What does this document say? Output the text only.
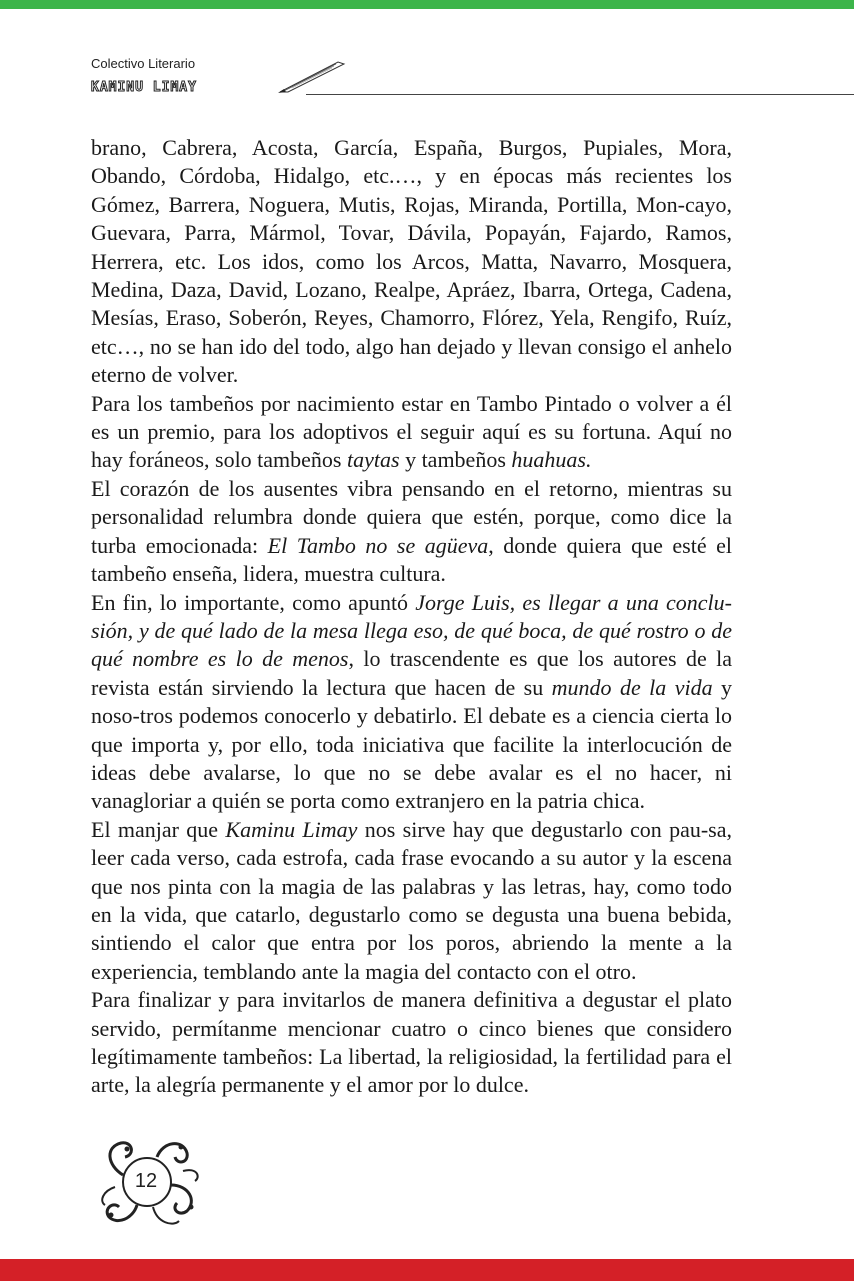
Colectivo Literario
KAMINU LIMAY

brano, Cabrera, Acosta, García, España, Burgos, Pupiales, Mora, Obando, Córdoba, Hidalgo, etc.…, y en épocas más recientes los Gómez, Barrera, Noguera, Mutis, Rojas, Miranda, Portilla, Mon-cayo, Guevara, Parra, Mármol, Tovar, Dávila, Popayán, Fajardo, Ramos, Herrera, etc. Los idos, como los Arcos, Matta, Navarro, Mosquera, Medina, Daza, David, Lozano, Realpe, Apráez, Ibarra, Ortega, Cadena, Mesías, Eraso, Soberón, Reyes, Chamorro, Flórez, Yela, Rengifo, Ruíz, etc…, no se han ido del todo, algo han dejado y llevan consigo el anhelo eterno de volver.

Para los tambeños por nacimiento estar en Tambo Pintado o volver a él es un premio, para los adoptivos el seguir aquí es su fortuna. Aquí no hay foráneos, solo tambeños taytas y tambeños huahuas.

El corazón de los ausentes vibra pensando en el retorno, mientras su personalidad relumbra donde quiera que estén, porque, como dice la turba emocionada: El Tambo no se agüeva, donde quiera que esté el tambeño enseña, lidera, muestra cultura.

En fin, lo importante, como apuntó Jorge Luis, es llegar a una conclu-sión, y de qué lado de la mesa llega eso, de qué boca, de qué rostro o de qué nombre es lo de menos, lo trascendente es que los autores de la revista están sirviendo la lectura que hacen de su mundo de la vida y noso-tros podemos conocerlo y debatirlo. El debate es a ciencia cierta lo que importa y, por ello, toda iniciativa que facilite la interlocución de ideas debe avalarse, lo que no se debe avalar es el no hacer, ni vanagloriar a quién se porta como extranjero en la patria chica.

El manjar que Kaminu Limay nos sirve hay que degustarlo con pau-sa, leer cada verso, cada estrofa, cada frase evocando a su autor y la escena que nos pinta con la magia de las palabras y las letras, hay, como todo en la vida, que catarlo, degustarlo como se degusta una buena bebida, sintiendo el calor que entra por los poros, abriendo la mente a la experiencia, temblando ante la magia del contacto con el otro.

Para finalizar y para invitarlos de manera definitiva a degustar el plato servido, permítanme mencionar cuatro o cinco bienes que considero legítimamente tambeños: La libertad, la religiosidad, la fertilidad para el arte, la alegría permanente y el amor por lo dulce.

12
